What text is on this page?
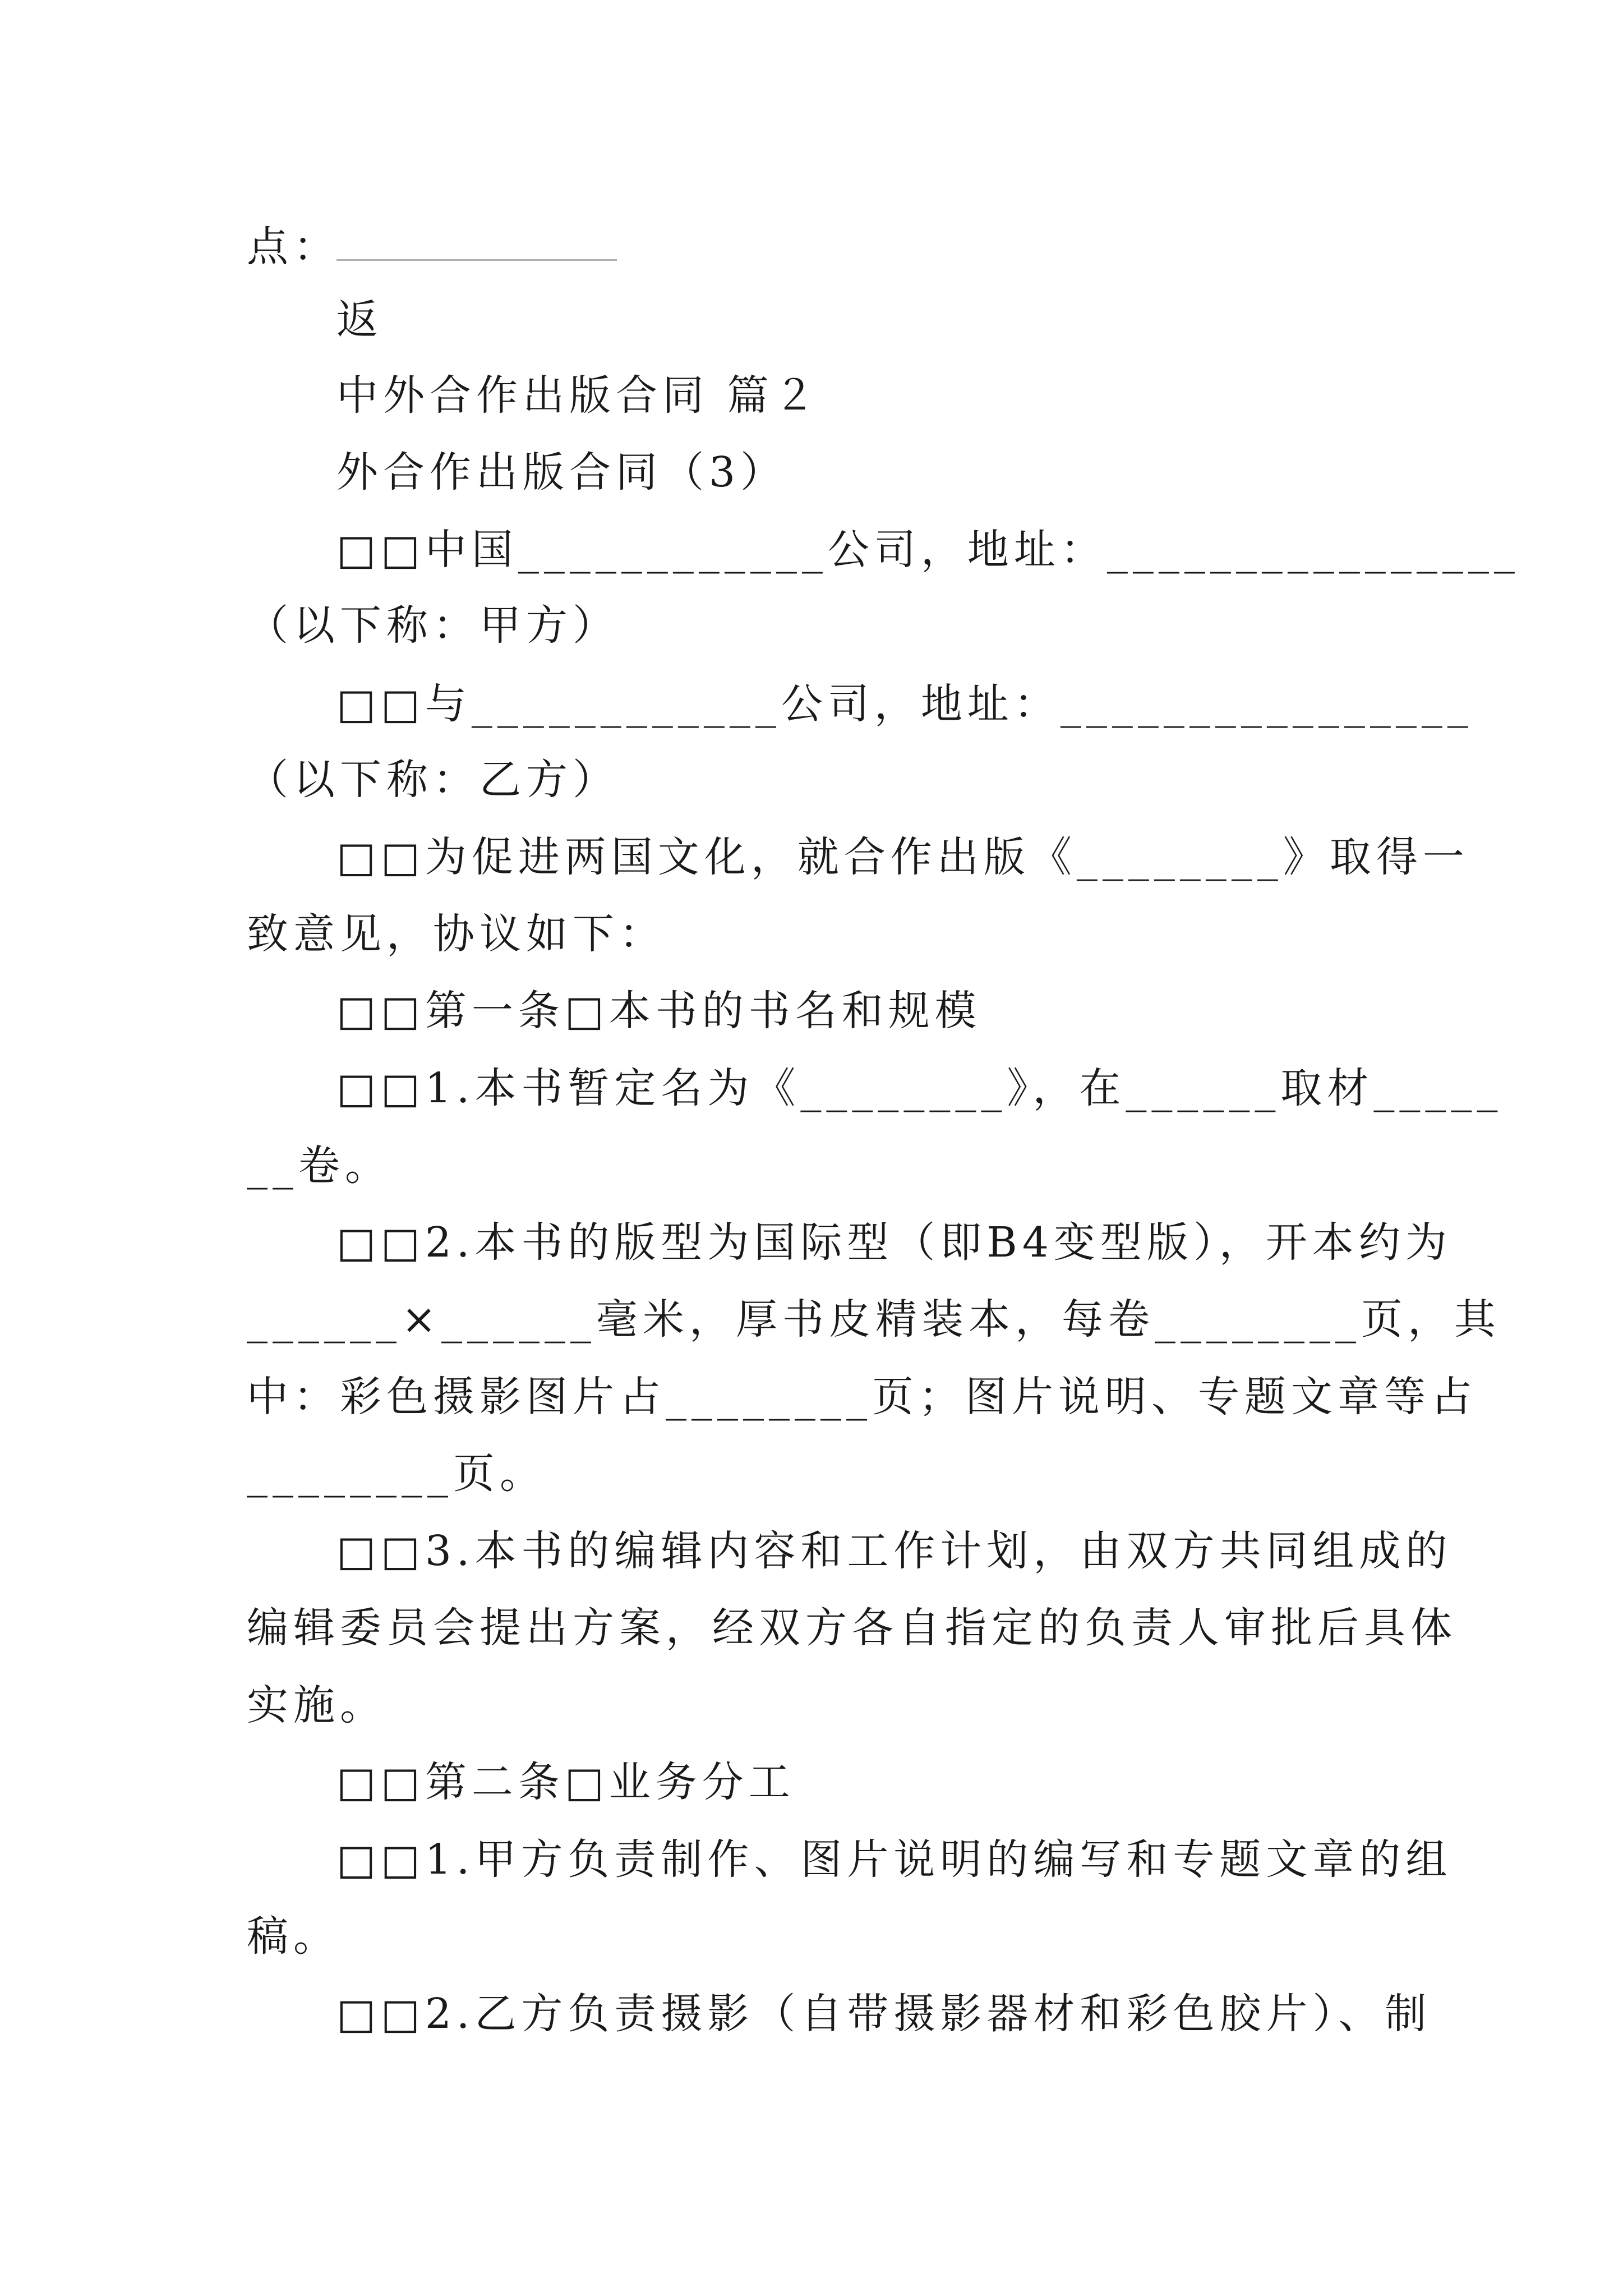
点：
返
中外合作出版合同 篇２
外合作出版合同（3）
□□中国____________公司，地址：________________
（以下称：甲方）
□□与____________公司，地址：________________
（以下称：乙方）
□□为促进两国文化，就合作出版《________》取得一
致意见，协议如下：
□□第一条□本书的书名和规模
□□1.本书暂定名为《________》，在______取材_____
__卷。
□□2.本书的版型为国际型（即B4变型版），开本约为
______×______毫米，厚书皮精装本，每卷________页，其
中：彩色摄影图片占________页；图片说明、专题文章等占
________页。
□□3.本书的编辑内容和工作计划，由双方共同组成的
编辑委员会提出方案，经双方各自指定的负责人审批后具体
实施。
□□第二条□业务分工
□□1.甲方负责制作、图片说明的编写和专题文章的组
稿。
□□2.乙方负责摄影（自带摄影器材和彩色胶片）、制
